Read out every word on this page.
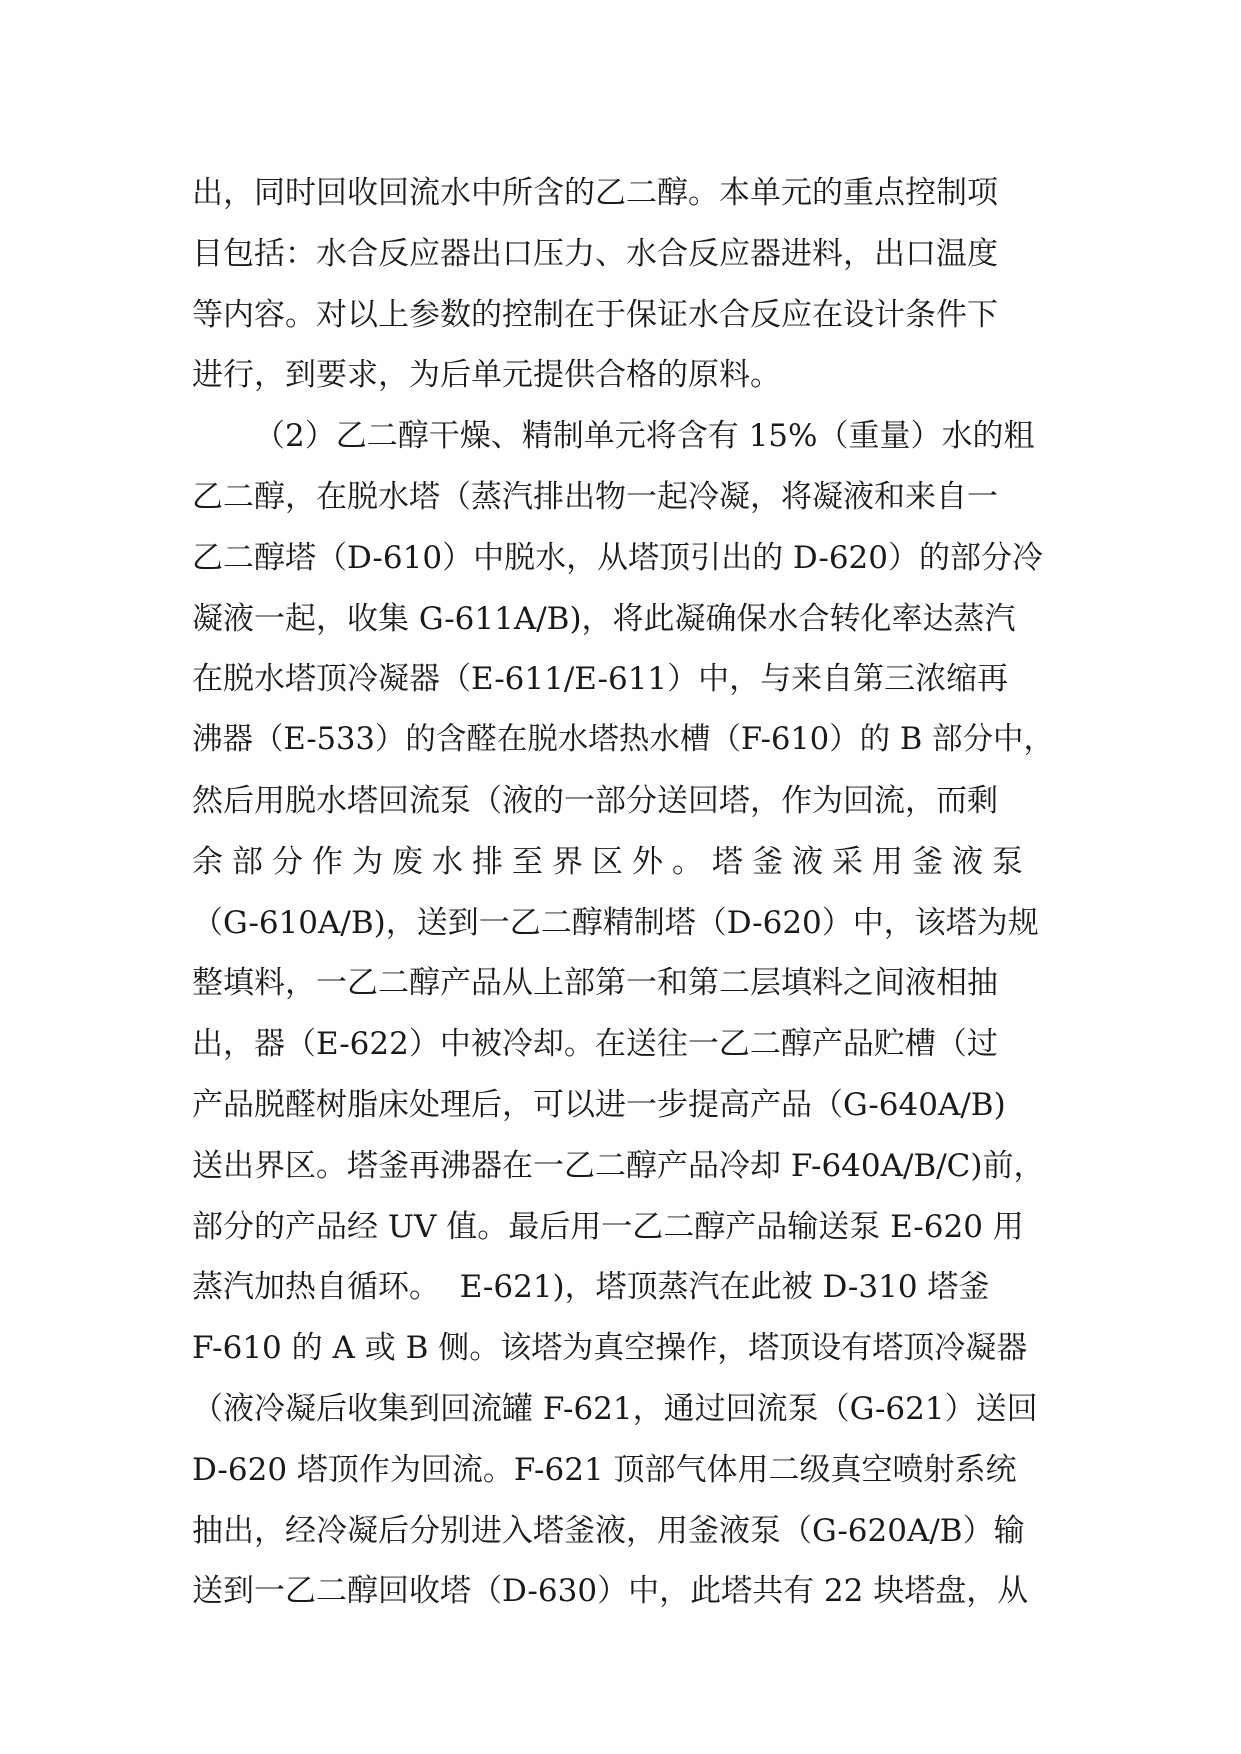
出，同时回收回流水中所含的乙二醇。本单元的重点控制项
目包括：水合反应器出口压力、水合反应器进料，出口温度
等内容。对以上参数的控制在于保证水合反应在设计条件下
进行，到要求，为后单元提供合格的原料。
（2）乙二醇干燥、精制单元将含有 15%（重量）水的粗
乙二醇，在脱水塔（蒸汽排出物一起冷凝，将凝液和来自一
乙二醇塔（D-610）中脱水，从塔顶引出的 D-620）的部分冷
凝液一起，收集 G-611A/B)，将此凝确保水合转化率达蒸汽
在脱水塔顶冷凝器（E-611/E-611）中，与来自第三浓缩再
沸器（E-533）的含醛在脱水塔热水槽（F-610）的 B 部分中，
然后用脱水塔回流泵（液的一部分送回塔，作为回流，而剩
余部分作为废水排至界区外。塔釜液采用釜液泵
（G-610A/B)，送到一乙二醇精制塔（D-620）中，该塔为规
整填料，一乙二醇产品从上部第一和第二层填料之间液相抽
出，器（E-622）中被冷却。在送往一乙二醇产品贮槽（过
产品脱醛树脂床处理后，可以进一步提高产品（G-640A/B)
送出界区。塔釜再沸器在一乙二醇产品冷却 F-640A/B/C)前，
部分的产品经 UV 值。最后用一乙二醇产品输送泵 E-620 用
蒸汽加热自循环。  E-621)，塔顶蒸汽在此被 D-310 塔釜
F-610 的 A 或 B 侧。该塔为真空操作，塔顶设有塔顶冷凝器
（液冷凝后收集到回流罐 F-621，通过回流泵（G-621）送回
D-620 塔顶作为回流。F-621 顶部气体用二级真空喷射系统
抽出，经冷凝后分别进入塔釜液，用釜液泵（G-620A/B）输
送到一乙二醇回收塔（D-630）中，此塔共有 22 块塔盘，从
